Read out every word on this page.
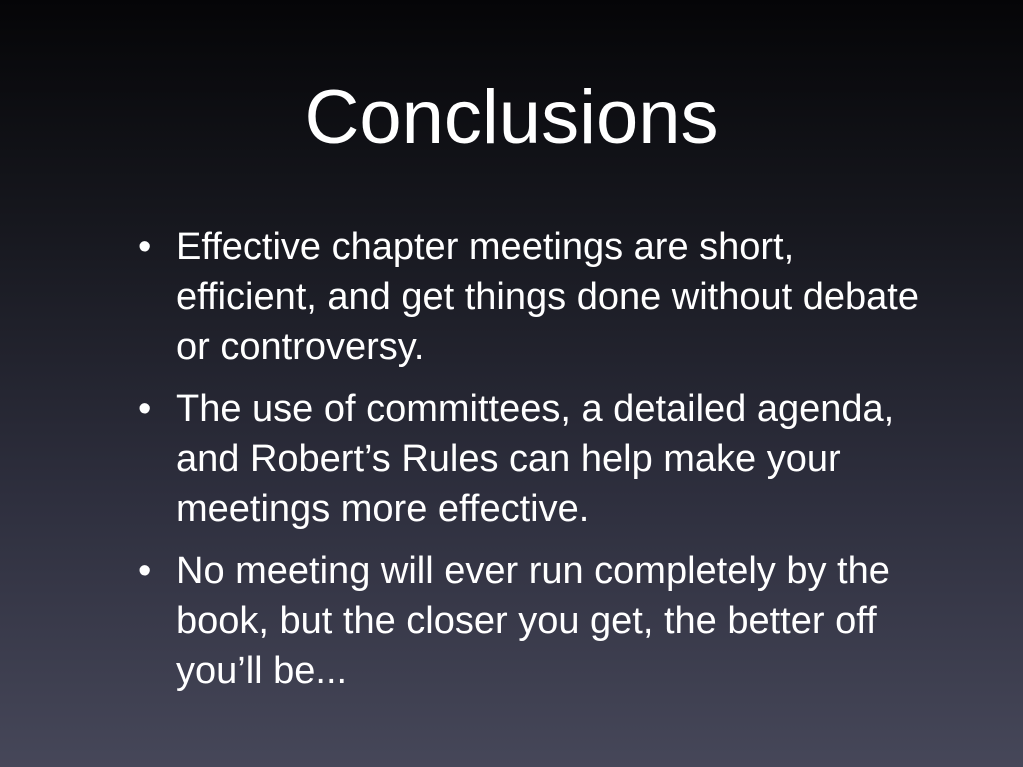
Conclusions
• Effective chapter meetings are short, efficient, and get things done without debate or controversy.
• The use of committees, a detailed agenda, and Robert’s Rules can help make your meetings more effective.
• No meeting will ever run completely by the book, but the closer you get, the better off you’ll be...
